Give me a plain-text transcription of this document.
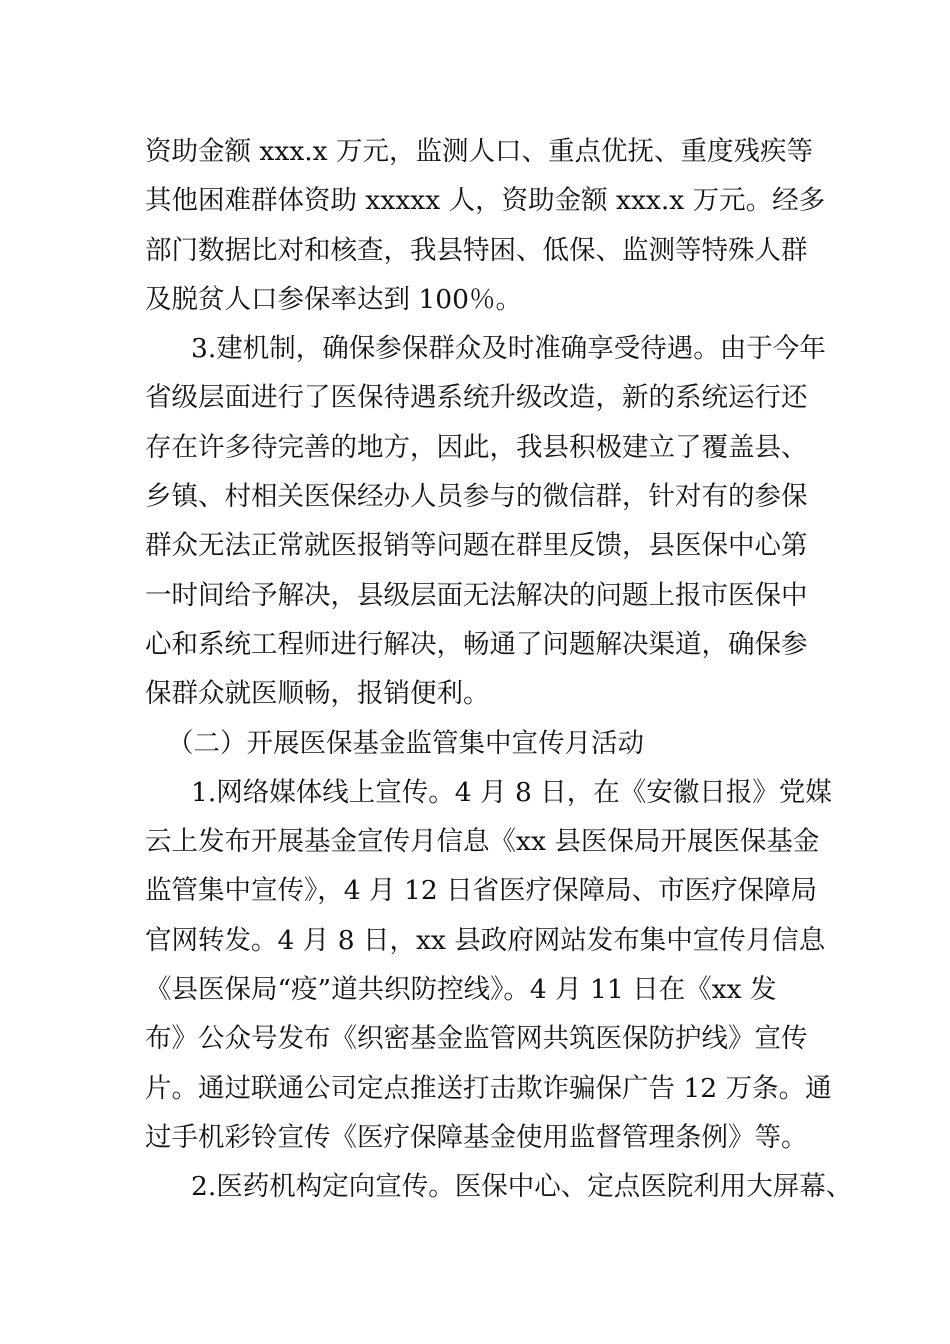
资助金额 xxx.x 万元，监测人口、重点优抚、重度残疾等
其他困难群体资助 xxxxx 人，资助金额 xxx.x 万元。经多
部门数据比对和核查，我县特困、低保、监测等特殊人群
及脱贫人口参保率达到 100％。
3.建机制，确保参保群众及时准确享受待遇。由于今年
省级层面进行了医保待遇系统升级改造，新的系统运行还
存在许多待完善的地方，因此，我县积极建立了覆盖县、
乡镇、村相关医保经办人员参与的微信群，针对有的参保
群众无法正常就医报销等问题在群里反馈，县医保中心第
一时间给予解决，县级层面无法解决的问题上报市医保中
心和系统工程师进行解决，畅通了问题解决渠道，确保参
保群众就医顺畅，报销便利。
（二）开展医保基金监管集中宣传月活动
1.网络媒体线上宣传。4 月 8 日，在《安徽日报》党媒
云上发布开展基金宣传月信息《xx 县医保局开展医保基金
监管集中宣传》，4 月 12 日省医疗保障局、市医疗保障局
官网转发。4 月 8 日，xx 县政府网站发布集中宣传月信息
《县医保局“疫”道共织防控线》。4 月 11 日在《xx 发
布》公众号发布《织密基金监管网共筑医保防护线》宣传
片。通过联通公司定点推送打击欺诈骗保广告 12 万条。通
过手机彩铃宣传《医疗保障基金使用监督管理条例》等。
2.医药机构定向宣传。医保中心、定点医院利用大屏幕、
